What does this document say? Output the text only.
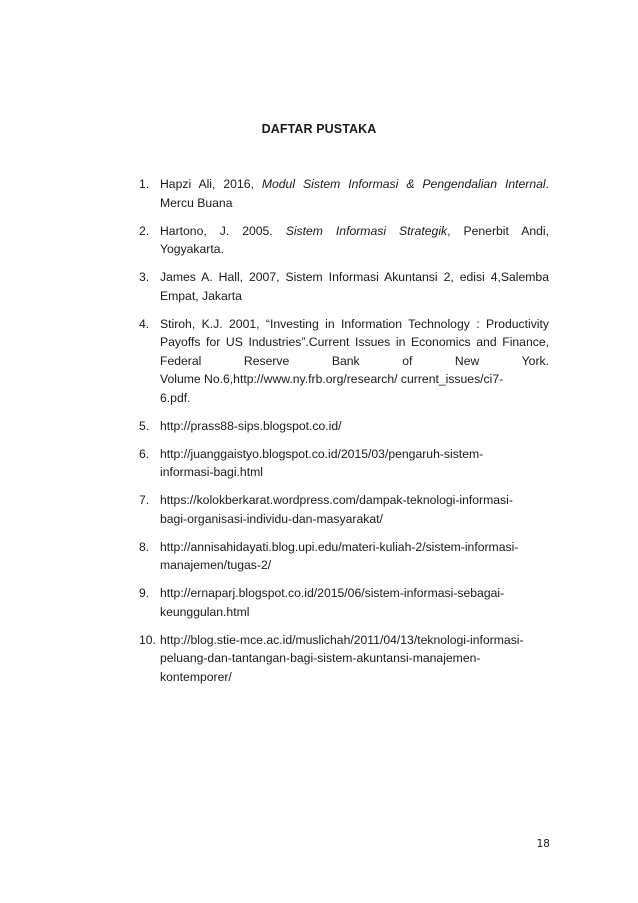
DAFTAR PUSTAKA
1. Hapzi Ali, 2016, Modul Sistem Informasi & Pengendalian Internal.
Mercu Buana
2. Hartono, J. 2005. Sistem Informasi Strategik, Penerbit Andi,
Yogyakarta.
3. James A. Hall, 2007, Sistem Informasi Akuntansi 2, edisi 4,Salemba
Empat, Jakarta
4. Stiroh, K.J. 2001, “Investing in Information Technology : Productivity
Payoffs for US Industries”.Current Issues in Economics and Finance,
Federal Reserve Bank of New York.
Volume No.6,http://www.ny.frb.org/research/ current_issues/ci7-
6.pdf.
5. http://prass88-sips.blogspot.co.id/
6. http://juanggaistyo.blogspot.co.id/2015/03/pengaruh-sistem-
informasi-bagi.html
7. https://kolokberkarat.wordpress.com/dampak-teknologi-informasi-
bagi-organisasi-individu-dan-masyarakat/
8. http://annisahidayati.blog.upi.edu/materi-kuliah-2/sistem-informasi-
manajemen/tugas-2/
9. http://ernaparj.blogspot.co.id/2015/06/sistem-informasi-sebagai-
keunggulan.html
10. http://blog.stie-mce.ac.id/muslichah/2011/04/13/teknologi-informasi-
peluang-dan-tantangan-bagi-sistem-akuntansi-manajemen-
kontemporer/
18
